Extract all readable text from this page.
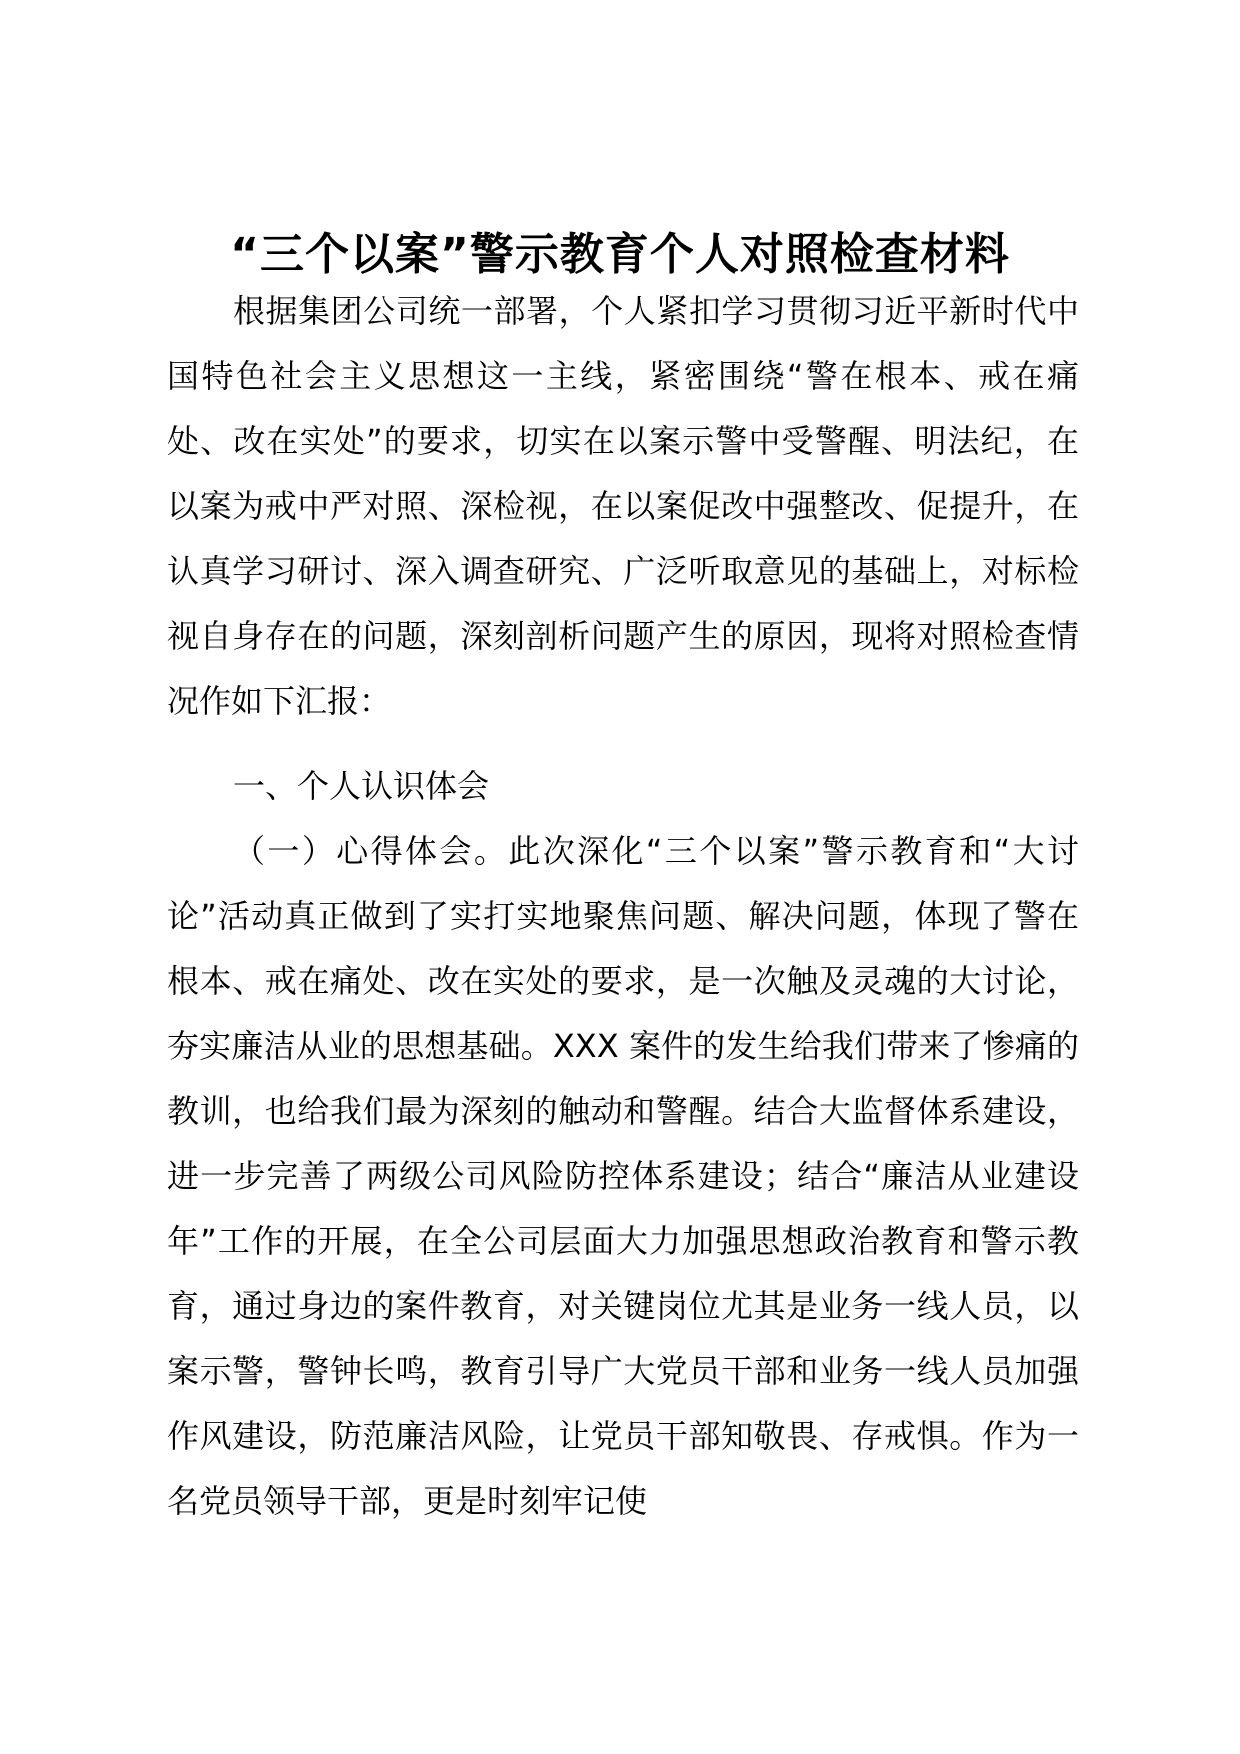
“三个以案”警示教育个人对照检查材料

根据集团公司统一部署，个人紧扣学习贯彻习近平新时代中国特色社会主义思想这一主线，紧密围绕“警在根本、戒在痛处、改在实处”的要求，切实在以案示警中受警醒、明法纪，在以案为戒中严对照、深检视，在以案促改中强整改、促提升，在认真学习研讨、深入调查研究、广泛听取意见的基础上，对标检视自身存在的问题，深刻剖析问题产生的原因，现将对照检查情况作如下汇报：

一、个人认识体会

（一）心得体会。此次深化“三个以案”警示教育和“大讨论”活动真正做到了实打实地聚焦问题、解决问题，体现了警在根本、戒在痛处、改在实处的要求，是一次触及灵魂的大讨论，夯实廉洁从业的思想基础。XXX 案件的发生给我们带来了惨痛的教训，也给我们最为深刻的触动和警醒。结合大监督体系建设，进一步完善了两级公司风险防控体系建设；结合“廉洁从业建设年”工作的开展，在全公司层面大力加强思想政治教育和警示教育，通过身边的案件教育，对关键岗位尤其是业务一线人员，以案示警，警钟长鸣，教育引导广大党员干部和业务一线人员加强作风建设，防范廉洁风险，让党员干部知敬畏、存戒惧。作为一名党员领导干部，更是时刻牢记使
